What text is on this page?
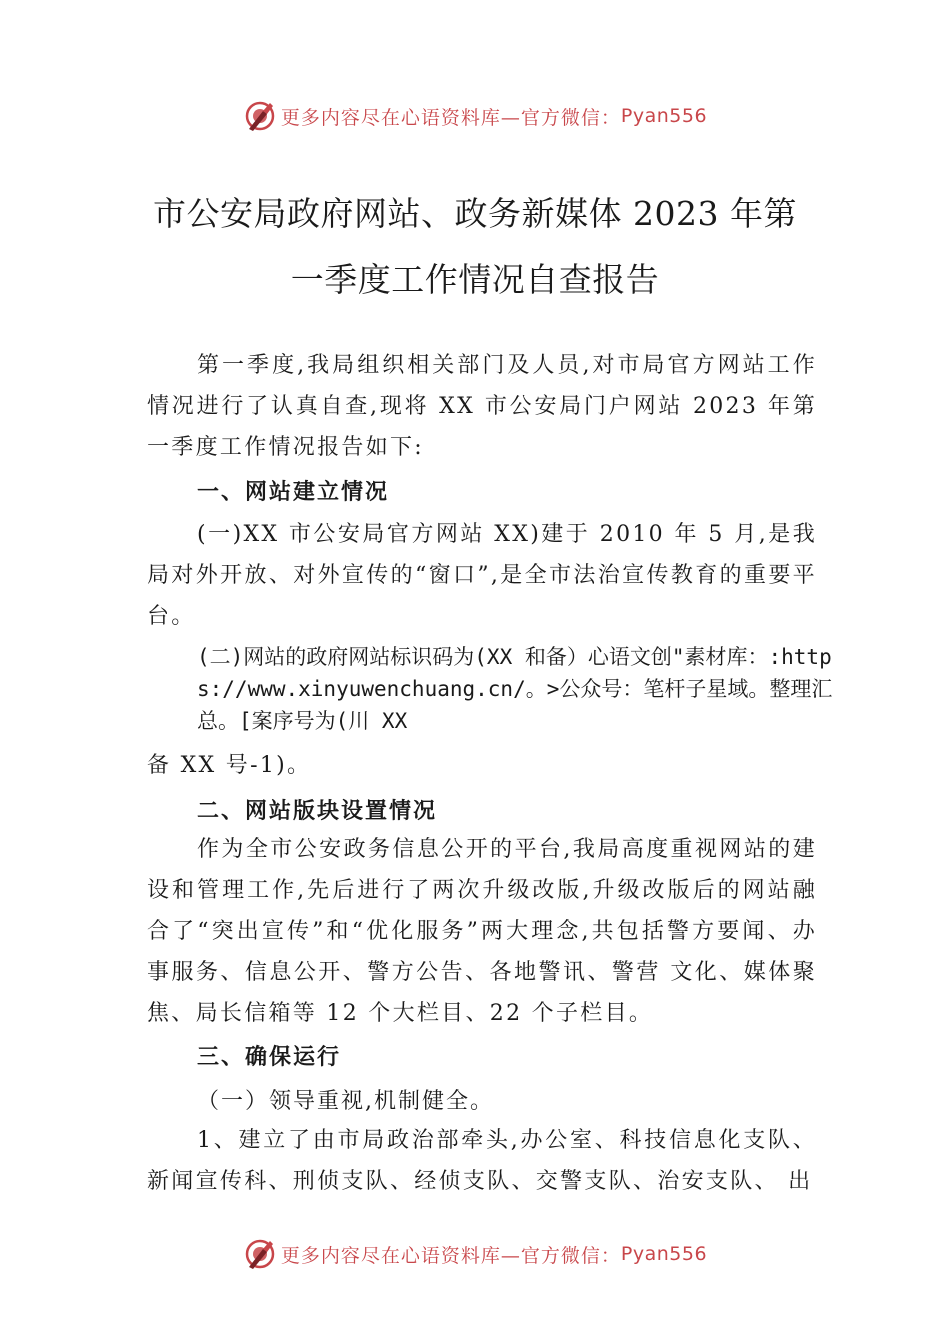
更多内容尽在心语资料库—官方微信： Pyan556
市公安局政府网站、政务新媒体 2023 年第
一季度工作情况自查报告

第一季度,我局组织相关部门及人员,对市局官方网站工作情况进行了认真自查,现将 XX 市公安局门户网站 2023 年第一季度工作情况报告如下:

一、网站建立情况

(一)XX 市公安局官方网站 XX)建于 2010 年 5 月,是我局对外开放、对外宣传的“窗口”,是全市法治宣传教育的重要平台。

(二)网站的政府网站标识码为(XX 和备）心语文创"素材库：:https://www.xinyuwenchuang.cn/。>公众号：笔杆子星域。整理汇总。[案序号为(川 XX

备 XX 号-1)。

二、网站版块设置情况

作为全市公安政务信息公开的平台,我局高度重视网站的建设和管理工作,先后进行了两次升级改版,升级改版后的网站融合了“突出宣传”和“优化服务”两大理念,共包括警方要闻、办事服务、信息公开、警方公告、各地警讯、警营 文化、媒体聚焦、局长信箱等 12 个大栏目、22 个子栏目。

三、确保运行
（一）领导重视,机制健全。

1、建立了由市局政治部牵头,办公室、科技信息化支队、新闻宣传科、刑侦支队、经侦支队、交警支队、治安支队、 出

更多内容尽在心语资料库—官方微信： Pyan556
